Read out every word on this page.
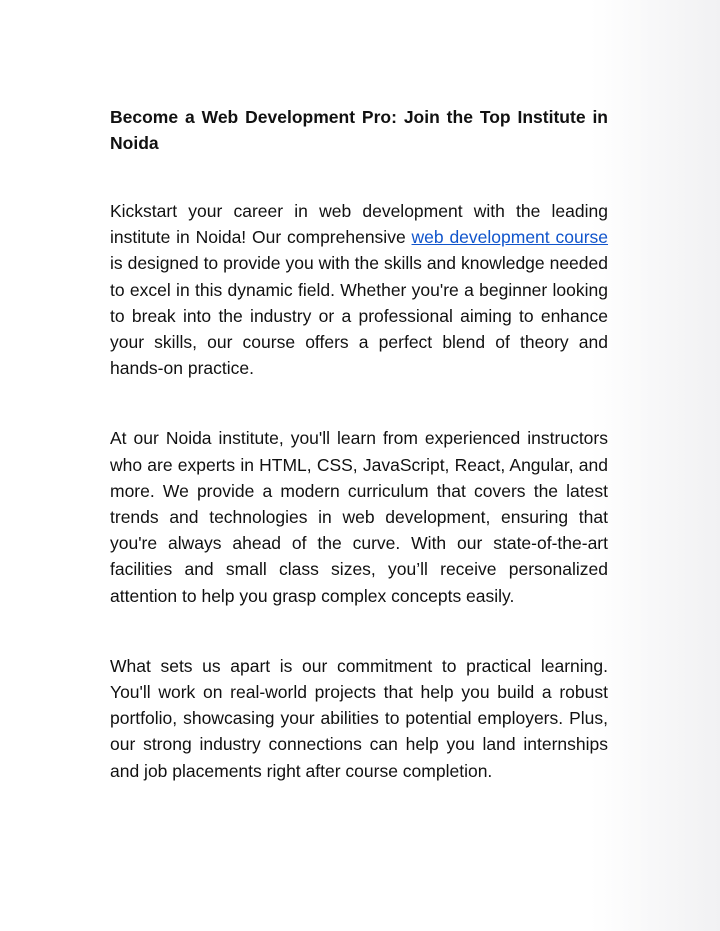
Become a Web Development Pro: Join the Top Institute in Noida

Kickstart your career in web development with the leading institute in Noida! Our comprehensive web development course is designed to provide you with the skills and knowledge needed to excel in this dynamic field. Whether you're a beginner looking to break into the industry or a professional aiming to enhance your skills, our course offers a perfect blend of theory and hands-on practice.

At our Noida institute, you'll learn from experienced instructors who are experts in HTML, CSS, JavaScript, React, Angular, and more. We provide a modern curriculum that covers the latest trends and technologies in web development, ensuring that you're always ahead of the curve. With our state-of-the-art facilities and small class sizes, you’ll receive personalized attention to help you grasp complex concepts easily.

What sets us apart is our commitment to practical learning. You'll work on real-world projects that help you build a robust portfolio, showcasing your abilities to potential employers. Plus, our strong industry connections can help you land internships and job placements right after course completion.
